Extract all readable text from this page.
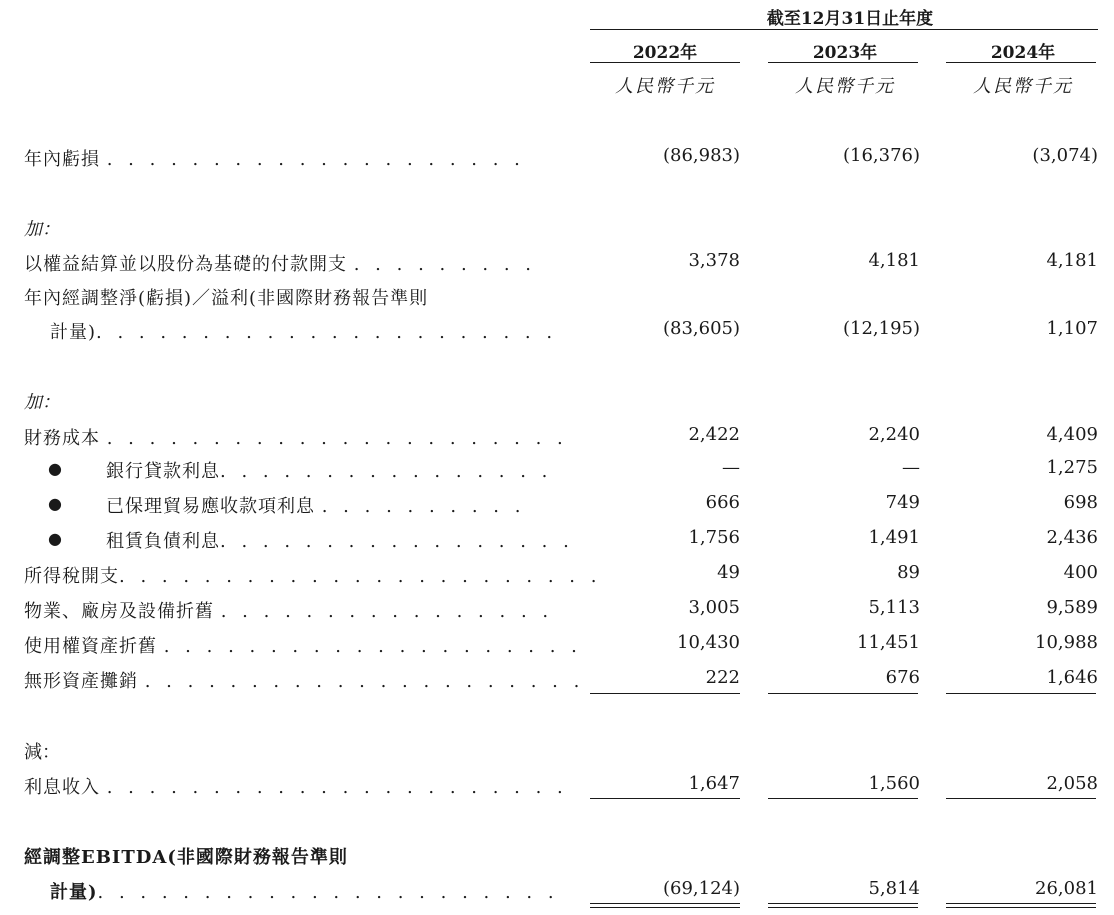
截至12月31日止年度
2022年	2023年	2024年
人民幣千元	人民幣千元	人民幣千元
年內虧損 . . . . . . . . . . . . . . . . . . . .	(86,983)	(16,376)	(3,074)
加：
以權益結算並以股份為基礎的付款開支 . . . . . . . . .	3,378	4,181	4,181
年內經調整淨(虧損)／溢利(非國際財務報告準則
計量). . . . . . . . . . . . . . . . . . . . . .	(83,605)	(12,195)	1,107
加：
財務成本 . . . . . . . . . . . . . . . . . . . . . .	2,422	2,240	4,409
● 銀行貸款利息. . . . . . . . . . . . . . . .	—	—	1,275
● 已保理貿易應收款項利息 . . . . . . . . . .	666	749	698
● 租賃負債利息. . . . . . . . . . . . . . . . .	1,756	1,491	2,436
所得稅開支. . . . . . . . . . . . . . . . . . . . . . .	49	89	400
物業、廠房及設備折舊 . . . . . . . . . . . . . . . .	3,005	5,113	9,589
使用權資產折舊 . . . . . . . . . . . . . . . . . . . .	10,430	11,451	10,988
無形資產攤銷 . . . . . . . . . . . . . . . . . . . . .	222	676	1,646
減：
利息收入 . . . . . . . . . . . . . . . . . . . . . .	1,647	1,560	2,058
經調整EBITDA(非國際財務報告準則
計量). . . . . . . . . . . . . . . . . . . . . .	(69,124)	5,814	26,081
